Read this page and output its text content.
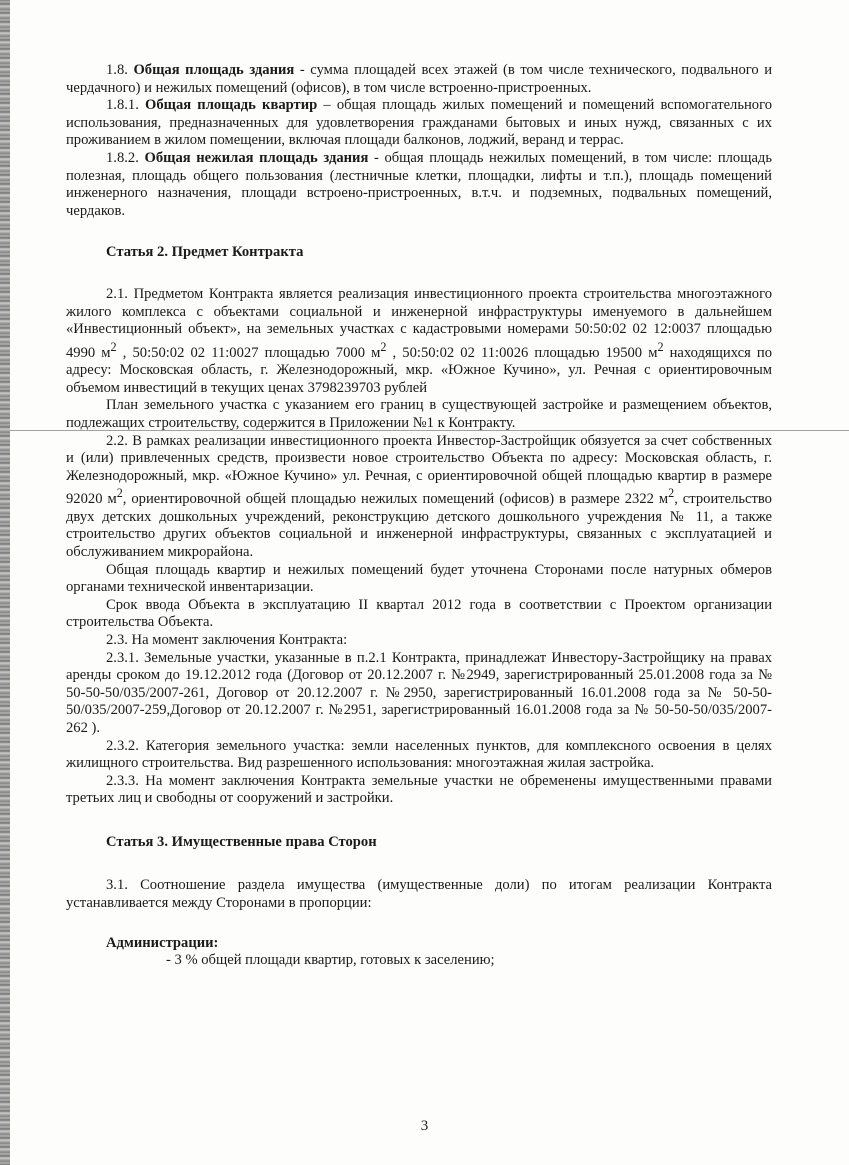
1.8. Общая площадь здания - сумма площадей всех этажей (в том числе технического, подвального и чердачного) и нежилых помещений (офисов), в том числе встроенно-пристроенных.

1.8.1. Общая площадь квартир – общая площадь жилых помещений и помещений вспомогательного использования, предназначенных для удовлетворения гражданами бытовых и иных нужд, связанных с их проживанием в жилом помещении, включая площади балконов, лоджий, веранд и террас.

1.8.2. Общая нежилая площадь здания - общая площадь нежилых помещений, в том числе: площадь полезная, площадь общего пользования (лестничные клетки, площадки, лифты и т.п.), площадь помещений инженерного назначения, площади встроено-пристроенных, в.т.ч. и подземных, подвальных помещений, чердаков.

Статья 2. Предмет Контракта

2.1. Предметом Контракта является реализация инвестиционного проекта строительства многоэтажного жилого комплекса с объектами социальной и инженерной инфраструктуры именуемого в дальнейшем «Инвестиционный объект», на земельных участках с кадастровыми номерами 50:50:02 02 12:0037 площадью 4990 $м^2$ , 50:50:02 02 11:0027 площадью 7000 $м^2$ , 50:50:02 02 11:0026 площадью 19500 $м^2$ находящихся по адресу: Московская область, г. Железнодорожный, мкр. «Южное Кучино», ул. Речная с ориентировочным объемом инвестиций в текущих ценах 3798239703 рублей

План земельного участка с указанием его границ в существующей застройке и размещением объектов, подлежащих строительству, содержится в Приложении №1 к Контракту.

2.2. В рамках реализации инвестиционного проекта Инвестор-Застройщик обязуется за счет собственных и (или) привлеченных средств, произвести новое строительство Объекта по адресу: Московская область, г. Железнодорожный, мкр. «Южное Кучино» ул. Речная, с ориентировочной общей площадью квартир в размере 92020 $м^2$, ориентировочной общей площадью нежилых помещений (офисов) в размере 2322 $м^2$, строительство двух детских дошкольных учреждений, реконструкцию детского дошкольного учреждения № 11, а также строительство других объектов социальной и инженерной инфраструктуры, связанных с эксплуатацией и обслуживанием микрорайона.

Общая площадь квартир и нежилых помещений будет уточнена Сторонами после натурных обмеров органами технической инвентаризации.

Срок ввода Объекта в эксплуатацию II квартал 2012 года в соответствии с Проектом организации строительства Объекта.

2.3. На момент заключения Контракта:

2.3.1. Земельные участки, указанные в п.2.1 Контракта, принадлежат Инвестору-Застройщику на правах аренды сроком до 19.12.2012 года (Договор от 20.12.2007 г. №2949, зарегистрированный 25.01.2008 года за № 50-50-50/035/2007-261, Договор от 20.12.2007 г. №2950, зарегистрированный 16.01.2008 года за № 50-50-50/035/2007-259,Договор от 20.12.2007 г. №2951, зарегистрированный 16.01.2008 года за № 50-50-50/035/2007-262 ).

2.3.2. Категория земельного участка: земли населенных пунктов, для комплексного освоения в целях жилищного строительства. Вид разрешенного использования: многоэтажная жилая застройка.

2.3.3. На момент заключения Контракта земельные участки не обременены имущественными правами третьих лиц и свободны от сооружений и застройки.

Статья 3. Имущественные права Сторон

3.1. Соотношение раздела имущества (имущественные доли) по итогам реализации Контракта устанавливается между Сторонами в пропорции:

Администрации:

- 3 % общей площади квартир, готовых к заселению;

3
